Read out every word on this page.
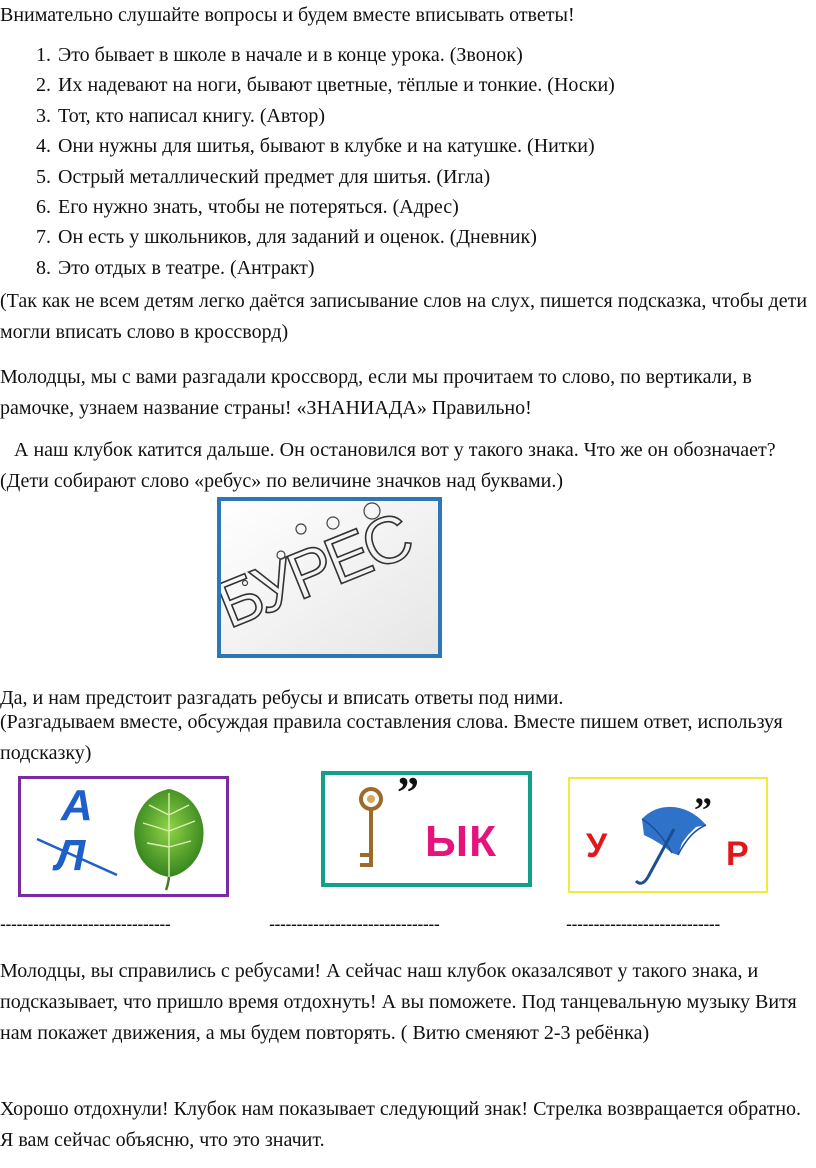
Внимательно слушайте вопросы и будем вместе вписывать ответы!

1. Это бывает в школе в начале и в конце урока. (Звонок)
2. Их надевают на ноги, бывают цветные, тёплые и тонкие. (Носки)
3. Тот, кто написал книгу. (Автор)
4. Они нужны для шитья, бывают в клубке и на катушке. (Нитки)
5. Острый металлический предмет для шитья. (Игла)
6. Его нужно знать, чтобы не потеряться. (Адрес)
7. Он есть у школьников, для заданий и оценок. (Дневник)
8. Это отдых в театре. (Антракт)

(Так как не всем детям легко даётся записывание слов на слух, пишется подсказка, чтобы дети могли вписать слово в кроссворд)

Молодцы, мы с вами разгадали кроссворд, если мы прочитаем то слово, по вертикали, в рамочке, узнаем название страны! «ЗНАНИАДА» Правильно!

А наш клубок катится дальше. Он остановился вот у такого знака. Что же он обозначает? (Дети собирают слово «ребус» по величине значков над буквами.)

БУРЕС

Да, и нам предстоит разгадать ребусы и вписать ответы под ними.

(Разгадываем вместе, обсуждая правила составления слова. Вместе пишем ответ, используя подсказку)

А
Л
”
ЫК	У
”
Р
-------------------------------	-------------------------------	----------------------------

Молодцы, вы справились с ребусами! А сейчас наш клубок оказалсявот у такого знака, и подсказывает, что пришло время отдохнуть! А вы поможете. Под танцевальную музыку Витя нам покажет движения, а мы будем повторять. ( Витю сменяют 2-3 ребёнка)

Хорошо отдохнули! Клубок нам показывает следующий знак! Стрелка возвращается обратно. Я вам сейчас объясню, что это значит.
